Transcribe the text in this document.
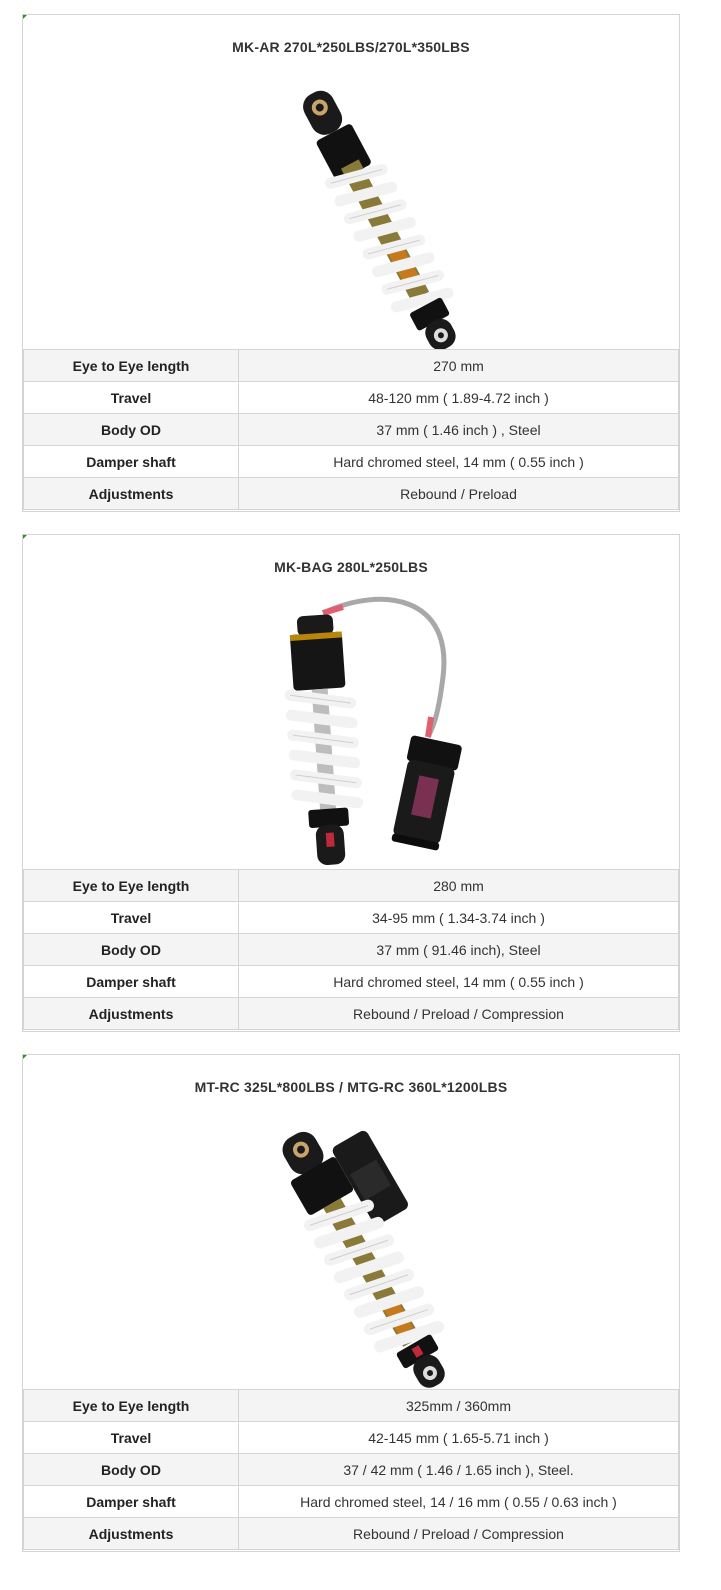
MK-AR 270L*250LBS/270L*350LBS
Eye to Eye length	270 mm
Travel	48-120 mm ( 1.89-4.72 inch )
Body OD	37 mm ( 1.46 inch ) , Steel
Damper shaft	Hard chromed steel, 14 mm ( 0.55 inch )
Adjustments	Rebound / Preload
MK-BAG 280L*250LBS
Eye to Eye length	280 mm
Travel	34-95 mm ( 1.34-3.74 inch )
Body OD	37 mm ( 91.46 inch), Steel
Damper shaft	Hard chromed steel, 14 mm ( 0.55 inch )
Adjustments	Rebound / Preload / Compression
MT-RC 325L*800LBS / MTG-RC 360L*1200LBS
Eye to Eye length	325mm / 360mm
Travel	42-145 mm ( 1.65-5.71 inch )
Body OD	37 / 42 mm ( 1.46 / 1.65 inch ), Steel.
Damper shaft	Hard chromed steel, 14 / 16 mm ( 0.55 / 0.63 inch )
Adjustments	Rebound / Preload / Compression
